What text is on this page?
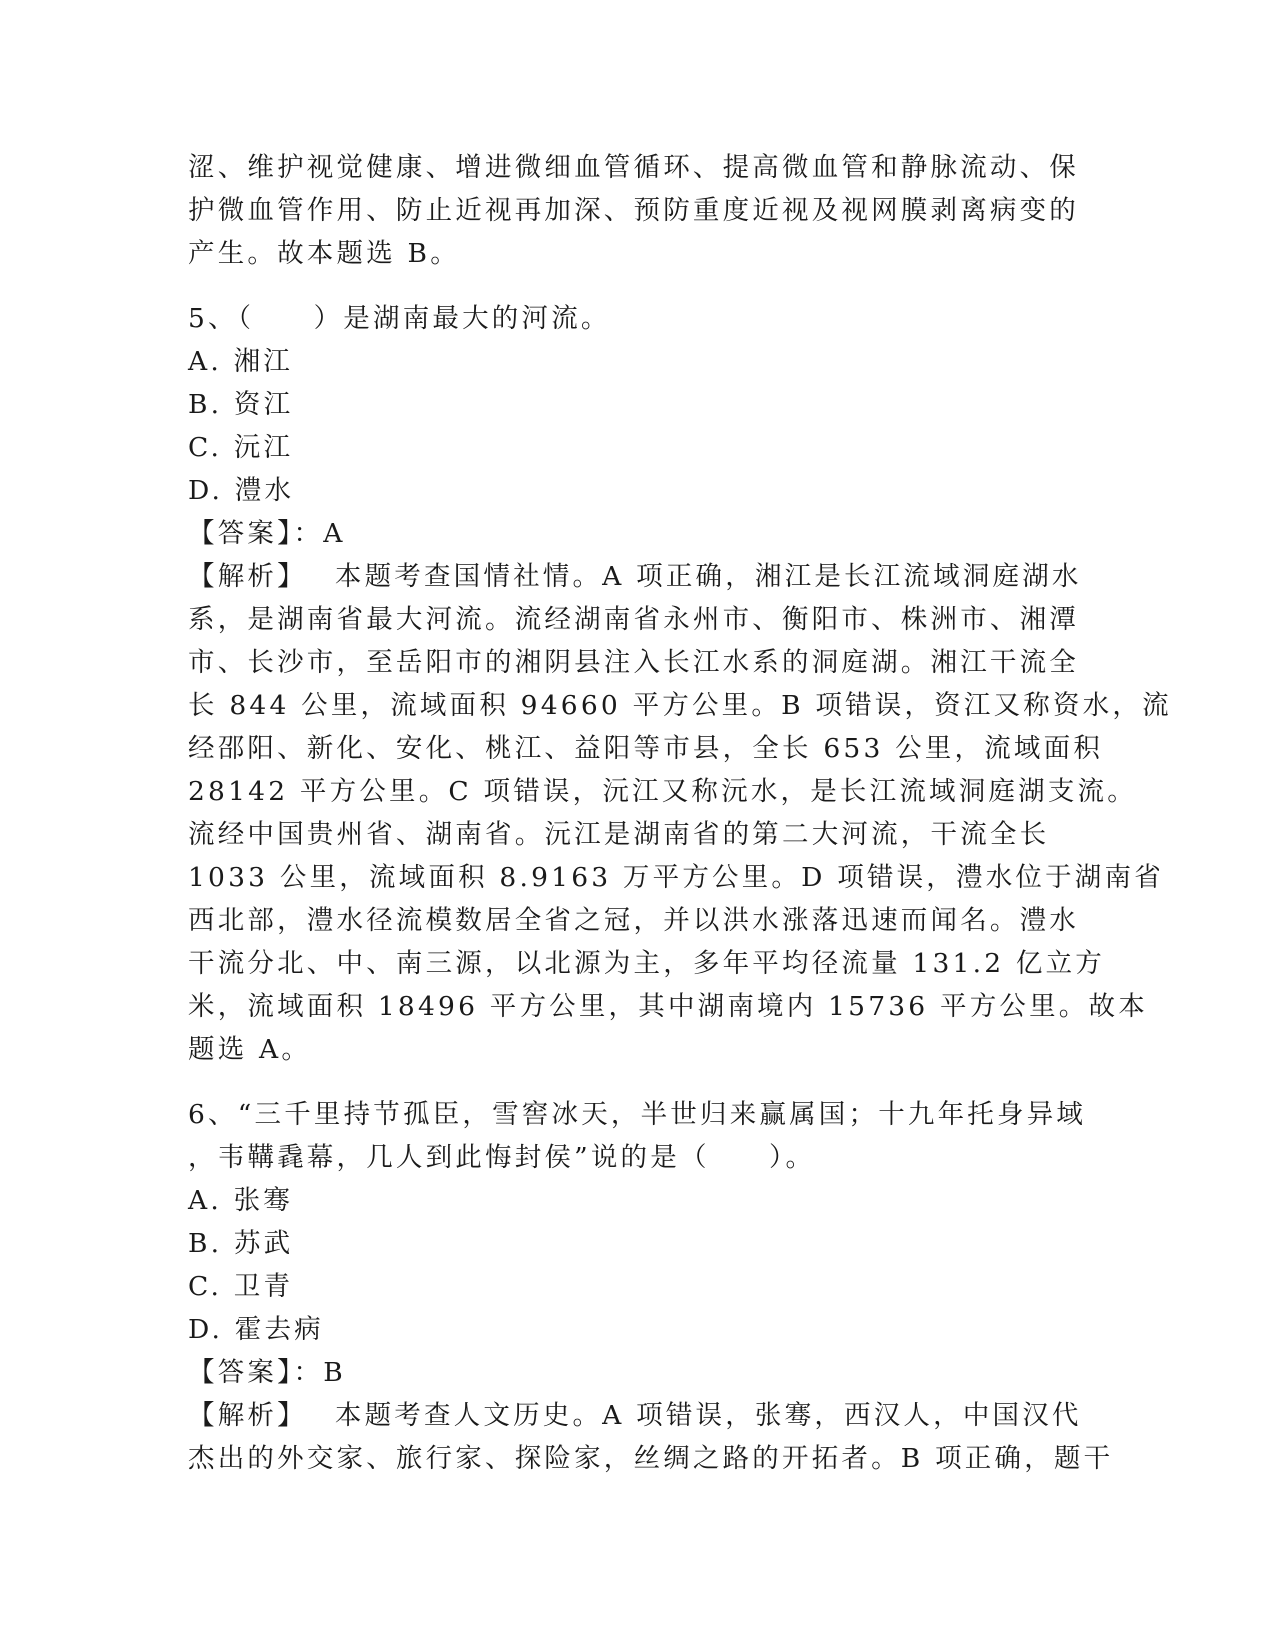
涩、维护视觉健康、增进微细血管循环、提高微血管和静脉流动、保
护微血管作用、防止近视再加深、预防重度近视及视网膜剥离病变的
产生。故本题选 B。
5、（　　）是湖南最大的河流。
A. 湘江
B. 资江
C. 沅江
D. 澧水
【答案】：A
【解析】　 本题考查国情社情。A 项正确，湘江是长江流域洞庭湖水
系，是湖南省最大河流。流经湖南省永州市、衡阳市、株洲市、湘潭
市、长沙市，至岳阳市的湘阴县注入长江水系的洞庭湖。湘江干流全
长 844 公里，流域面积 94660 平方公里。B 项错误，资江又称资水，流
经邵阳、新化、安化、桃江、益阳等市县，全长 653 公里，流域面积
28142 平方公里。C 项错误，沅江又称沅水，是长江流域洞庭湖支流。
流经中国贵州省、湖南省。沅江是湖南省的第二大河流，干流全长
1033 公里，流域面积 8.9163 万平方公里。D 项错误，澧水位于湖南省
西北部，澧水径流模数居全省之冠，并以洪水涨落迅速而闻名。澧水
干流分北、中、南三源，以北源为主，多年平均径流量 131.2 亿立方
米，流域面积 18496 平方公里，其中湖南境内 15736 平方公里。故本
题选 A。
6、“三千里持节孤臣，雪窖冰天，半世归来赢属国；十九年托身异域
，韦鞲毳幕，几人到此悔封侯”说的是（　　）。
A. 张骞
B. 苏武
C. 卫青
D. 霍去病
【答案】：B
【解析】　 本题考查人文历史。A 项错误，张骞，西汉人，中国汉代
杰出的外交家、旅行家、探险家，丝绸之路的开拓者。B 项正确，题干
